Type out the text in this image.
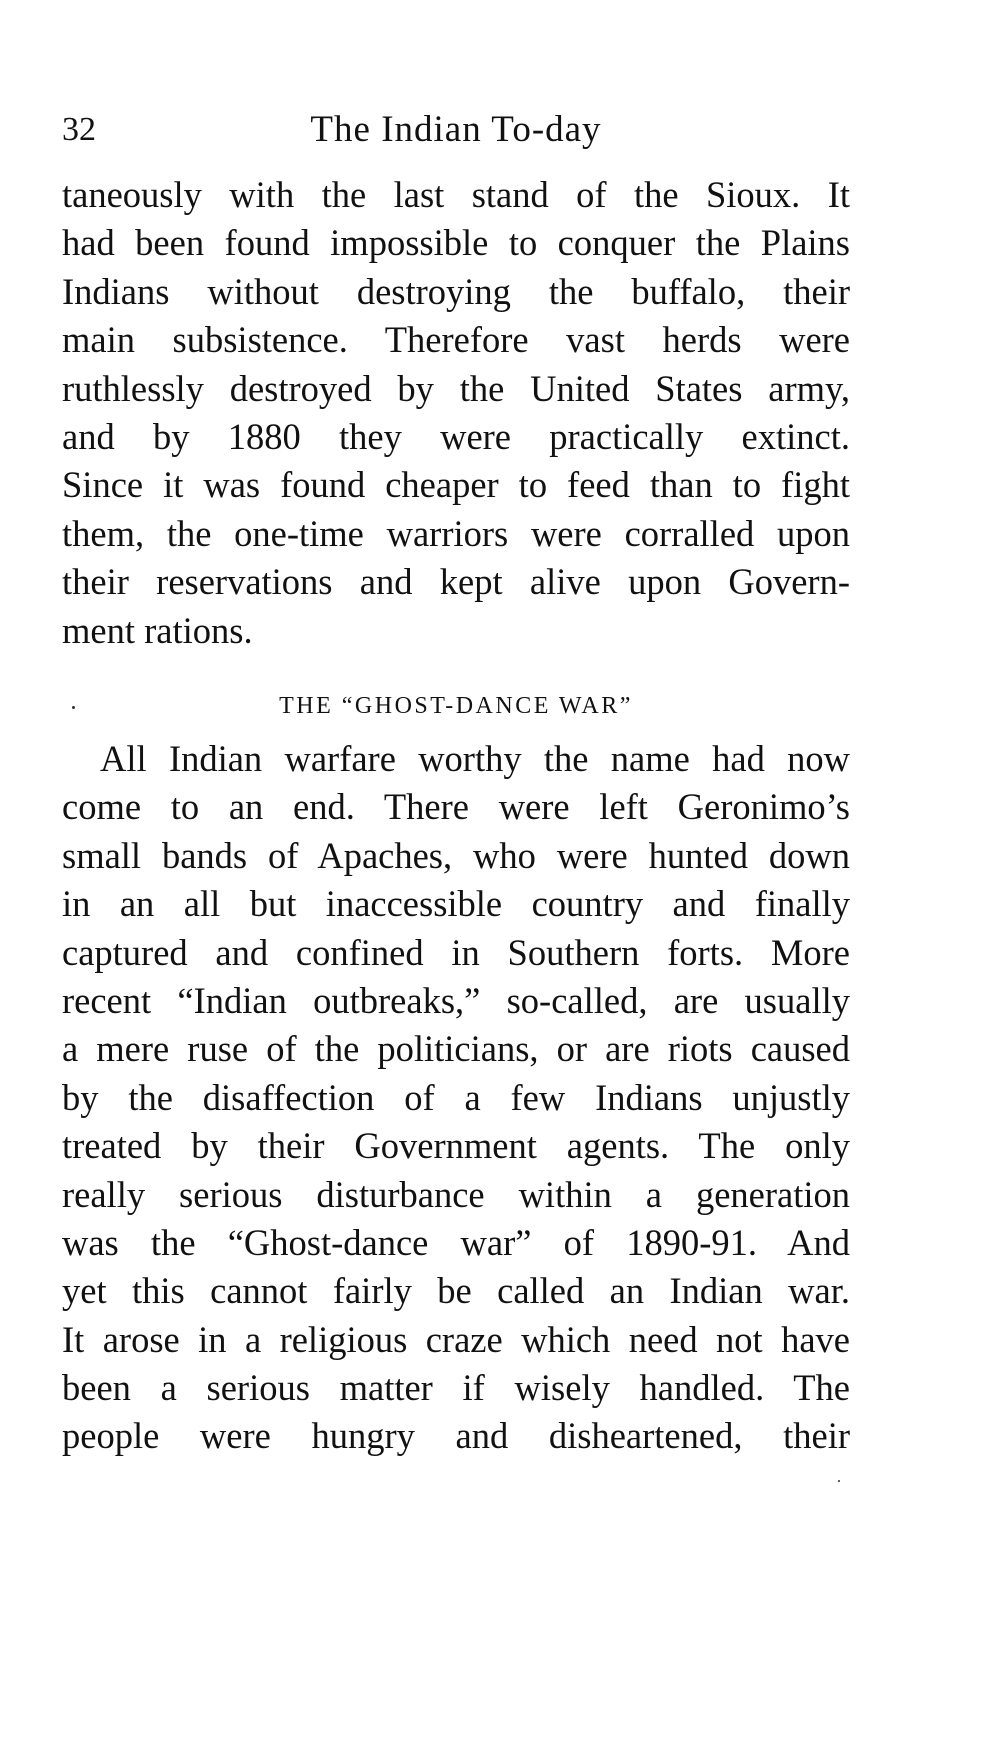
32	The Indian To-day
taneously with the last stand of the Sioux. It
had been found impossible to conquer the Plains
Indians without destroying the buffalo, their
main subsistence. Therefore vast herds were
ruthlessly destroyed by the United States army,
and by 1880 they were practically extinct.
Since it was found cheaper to feed than to fight
them, the one-time warriors were corralled upon
their reservations and kept alive upon Govern-
ment rations.
THE “GHOST-DANCE WAR”
All Indian warfare worthy the name had now
come to an end. There were left Geronimo’s
small bands of Apaches, who were hunted down
in an all but inaccessible country and finally
captured and confined in Southern forts. More
recent “Indian outbreaks,” so-called, are usually
a mere ruse of the politicians, or are riots caused
by the disaffection of a few Indians unjustly
treated by their Government agents. The only
really serious disturbance within a generation
was the “Ghost-dance war” of 1890-91. And
yet this cannot fairly be called an Indian war.
It arose in a religious craze which need not have
been a serious matter if wisely handled. The
people were hungry and disheartened, their
